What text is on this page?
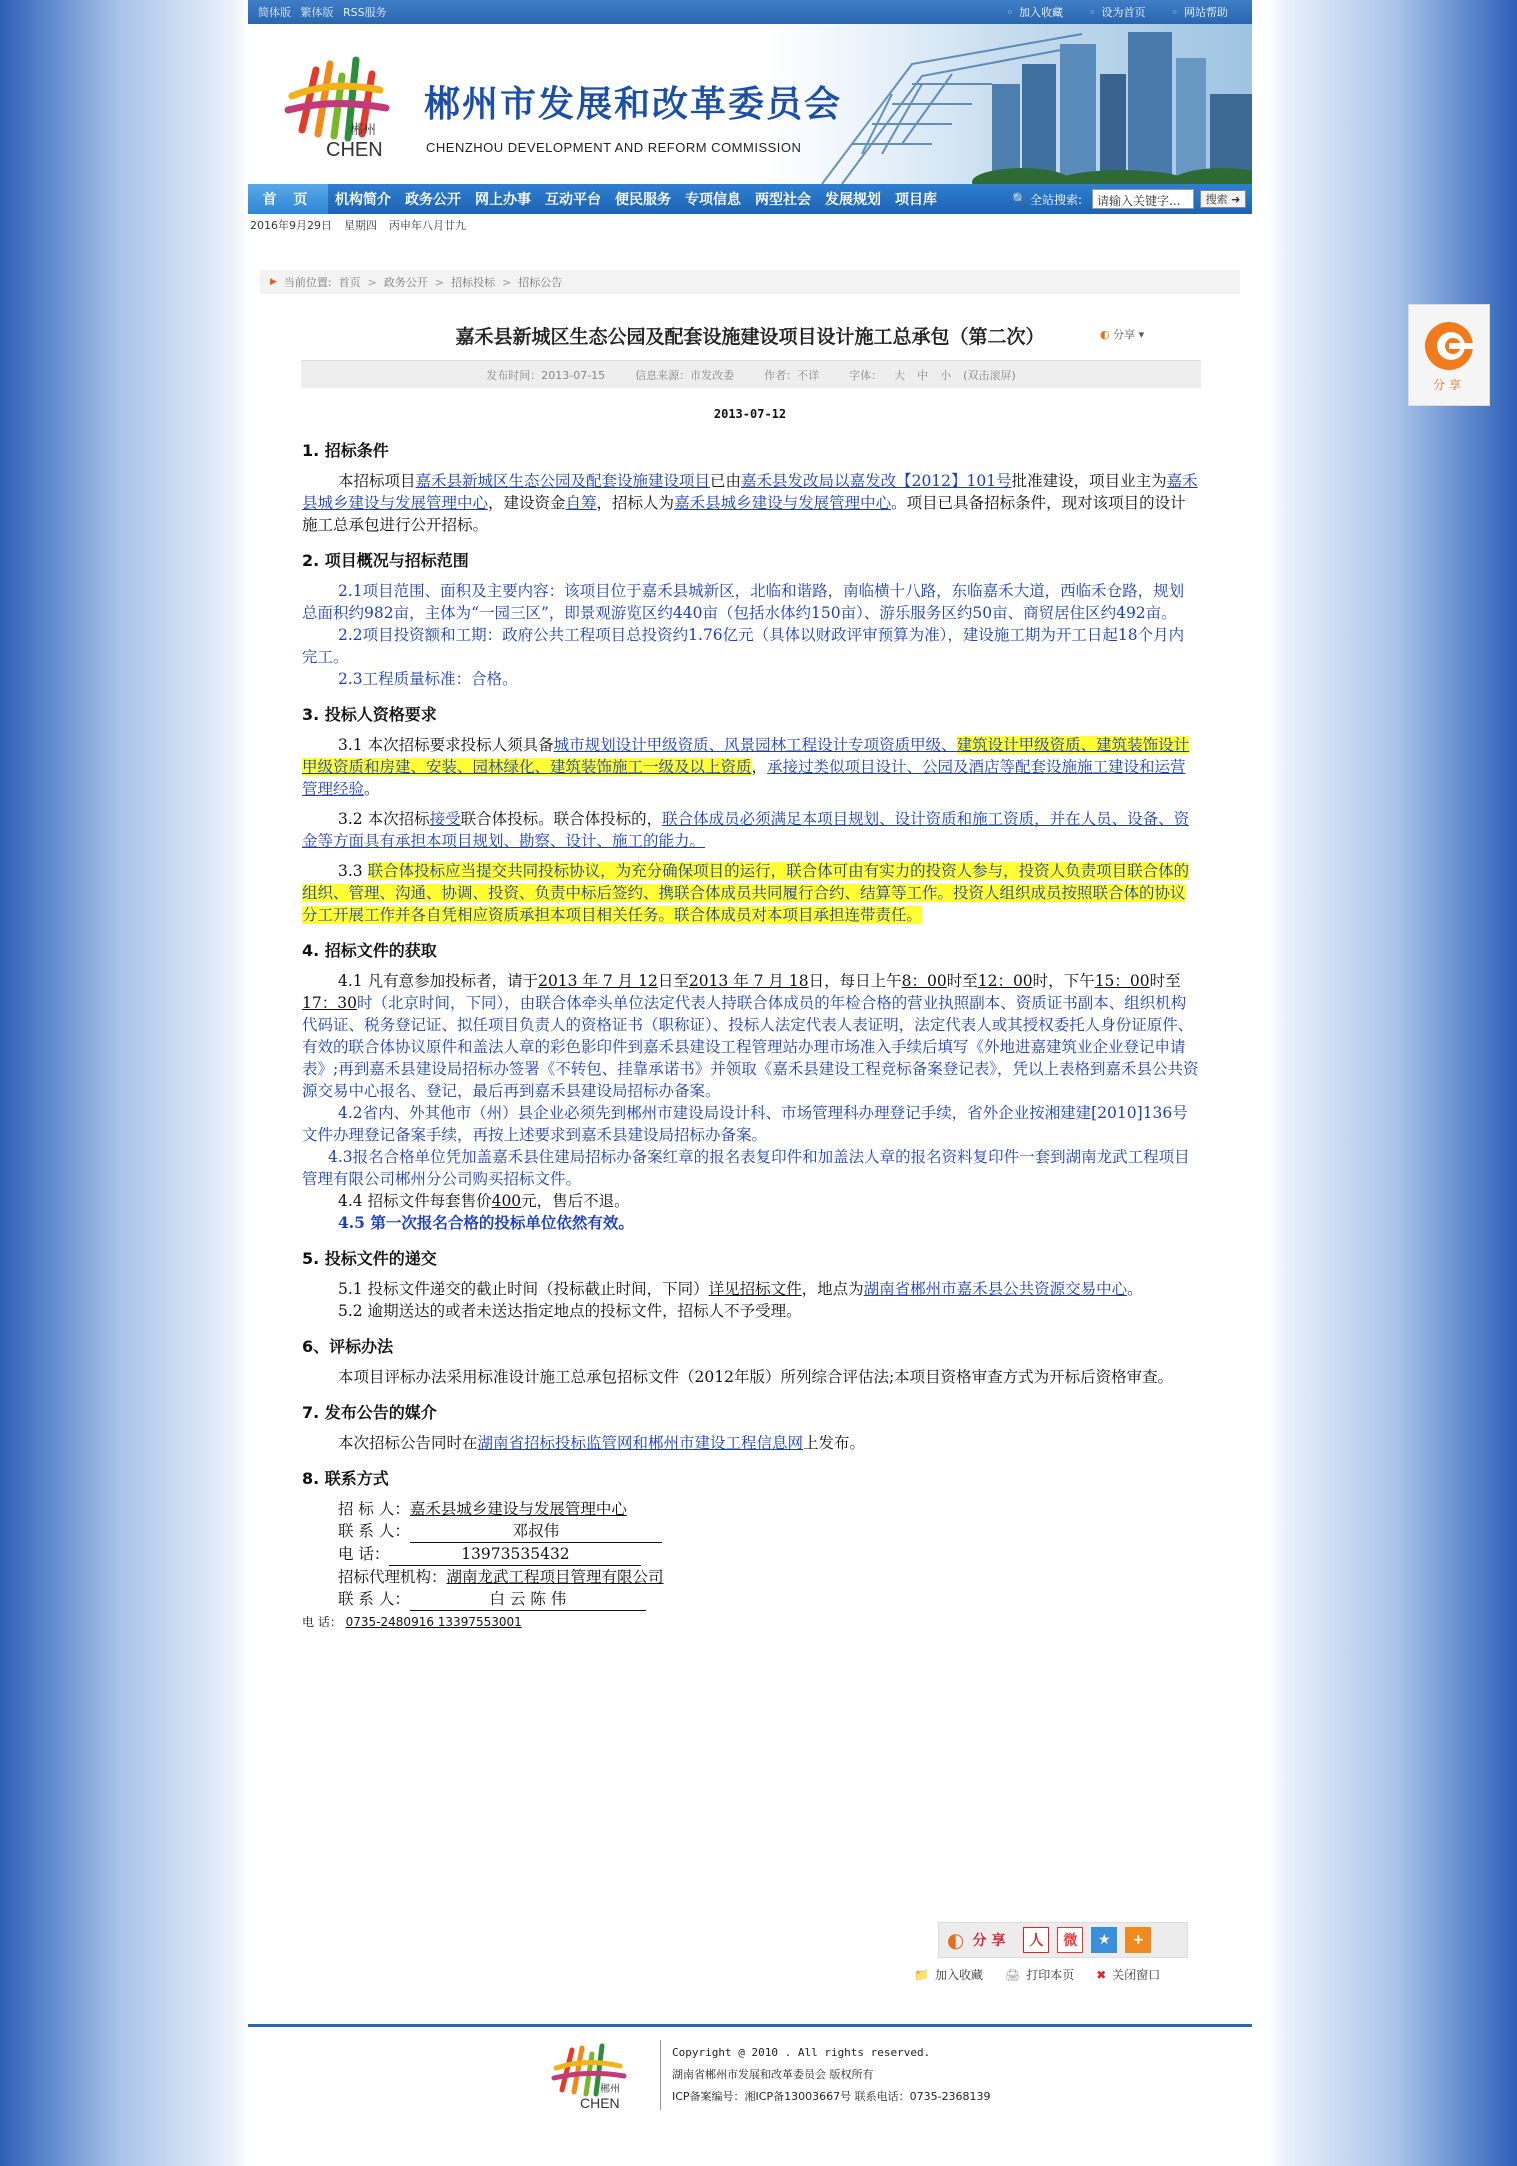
简体版 繁体版 RSS服务	◦ 加入收藏	◦ 设为首页	◦ 网站帮助
郴州
CHEN
郴州市发展和改革委员会
CHENZHOU DEVELOPMENT AND REFORM COMMISSION
首 页	机构简介	政务公开	网上办事	互动平台	便民服务	专项信息	两型社会	发展规划	项目库	🔍 全站搜索:	请输入关键字...	搜索 ➜
2016年9月29日 星期四 丙申年八月廿九
▶ 当前位置: 首页 > 政务公开 > 招标投标 > 招标公告
嘉禾县新城区生态公园及配套设施建设项目设计施工总承包（第二次）	◐ 分享 ▾
发布时间：2013-07-15	信息来源：市发改委	作者：不详	字体： 大 中 小 (双击滚屏)
2013-07-12
1. 招标条件
本招标项目嘉禾县新城区生态公园及配套设施建设项目已由嘉禾县发改局以嘉发改【2012】101号批准建设，项目业主为嘉禾县城乡建设与发展管理中心，建设资金自筹，招标人为嘉禾县城乡建设与发展管理中心。项目已具备招标条件，现对该项目的设计施工总承包进行公开招标。
2. 项目概况与招标范围
2.1项目范围、面积及主要内容：该项目位于嘉禾县城新区，北临和谐路，南临横十八路，东临嘉禾大道，西临禾仓路，规划总面积约982亩，主体为“一园三区”，即景观游览区约440亩（包括水体约150亩）、游乐服务区约50亩、商贸居住区约492亩。
2.2项目投资额和工期：政府公共工程项目总投资约1.76亿元（具体以财政评审预算为准），建设施工期为开工日起18个月内完工。
2.3工程质量标准：合格。
3. 投标人资格要求
3.1 本次招标要求投标人须具备城市规划设计甲级资质、风景园林工程设计专项资质甲级、建筑设计甲级资质、建筑装饰设计甲级资质和房建、安装、园林绿化、建筑装饰施工一级及以上资质，承接过类似项目设计、公园及酒店等配套设施施工建设和运营管理经验。
3.2 本次招标接受联合体投标。联合体投标的，联合体成员必须满足本项目规划、设计资质和施工资质，并在人员、设备、资金等方面具有承担本项目规划、勘察、设计、施工的能力。
3.3 联合体投标应当提交共同投标协议，为充分确保项目的运行，联合体可由有实力的投资人参与，投资人负责项目联合体的组织、管理、沟通、协调、投资、负责中标后签约、携联合体成员共同履行合约、结算等工作。投资人组织成员按照联合体的协议分工开展工作并各自凭相应资质承担本项目相关任务。联合体成员对本项目承担连带责任。
4. 招标文件的获取
4.1 凡有意参加投标者，请于2013 年 7 月 12日至2013 年 7 月 18日，每日上午8：00时至12：00时，下午15：00时至17：30时（北京时间，下同），由联合体牵头单位法定代表人持联合体成员的年检合格的营业执照副本、资质证书副本、组织机构代码证、税务登记证、拟任项目负责人的资格证书（职称证）、投标人法定代表人表证明，法定代表人或其授权委托人身份证原件、有效的联合体协议原件和盖法人章的彩色影印件到嘉禾县建设工程管理站办理市场准入手续后填写《外地进嘉建筑业企业登记申请表》;再到嘉禾县建设局招标办签署《不转包、挂靠承诺书》并领取《嘉禾县建设工程竞标备案登记表》，凭以上表格到嘉禾县公共资源交易中心报名、登记，最后再到嘉禾县建设局招标办备案。
4.2省内、外其他市（州）县企业必须先到郴州市建设局设计科、市场管理科办理登记手续，省外企业按湘建建[2010]136号文件办理登记备案手续，再按上述要求到嘉禾县建设局招标办备案。
4.3报名合格单位凭加盖嘉禾县住建局招标办备案红章的报名表复印件和加盖法人章的报名资料复印件一套到湖南龙武工程项目管理有限公司郴州分公司购买招标文件。
4.4 招标文件每套售价400元，售后不退。
4.5 第一次报名合格的投标单位依然有效。
5. 投标文件的递交
5.1 投标文件递交的截止时间（投标截止时间，下同）详见招标文件，地点为湖南省郴州市嘉禾县公共资源交易中心。
5.2 逾期送达的或者未送达指定地点的投标文件，招标人不予受理。
6、评标办法
本项目评标办法采用标准设计施工总承包招标文件（2012年版）所列综合评估法;本项目资格审查方式为开标后资格审查。
7. 发布公告的媒介
本次招标公告同时在湖南省招标投标监管网和郴州市建设工程信息网上发布。
8. 联系方式
招 标 人：嘉禾县城乡建设与发展管理中心
联 系 人：	邓叔伟
电 话：	13973535432
招标代理机构：湖南龙武工程项目管理有限公司
联 系 人：	白 云 陈 伟
电 话： 0735-2480916 13397553001
◐ 分 享	人	微	★	+
📁 加入收藏 🖨 打印本页 ✖ 关闭窗口
郴州
CHEN
Copyright @ 2010 . All rights reserved.
湖南省郴州市发展和改革委员会 版权所有
ICP备案编号：湘ICP备13003667号 联系电话：0735-2368139
分享
